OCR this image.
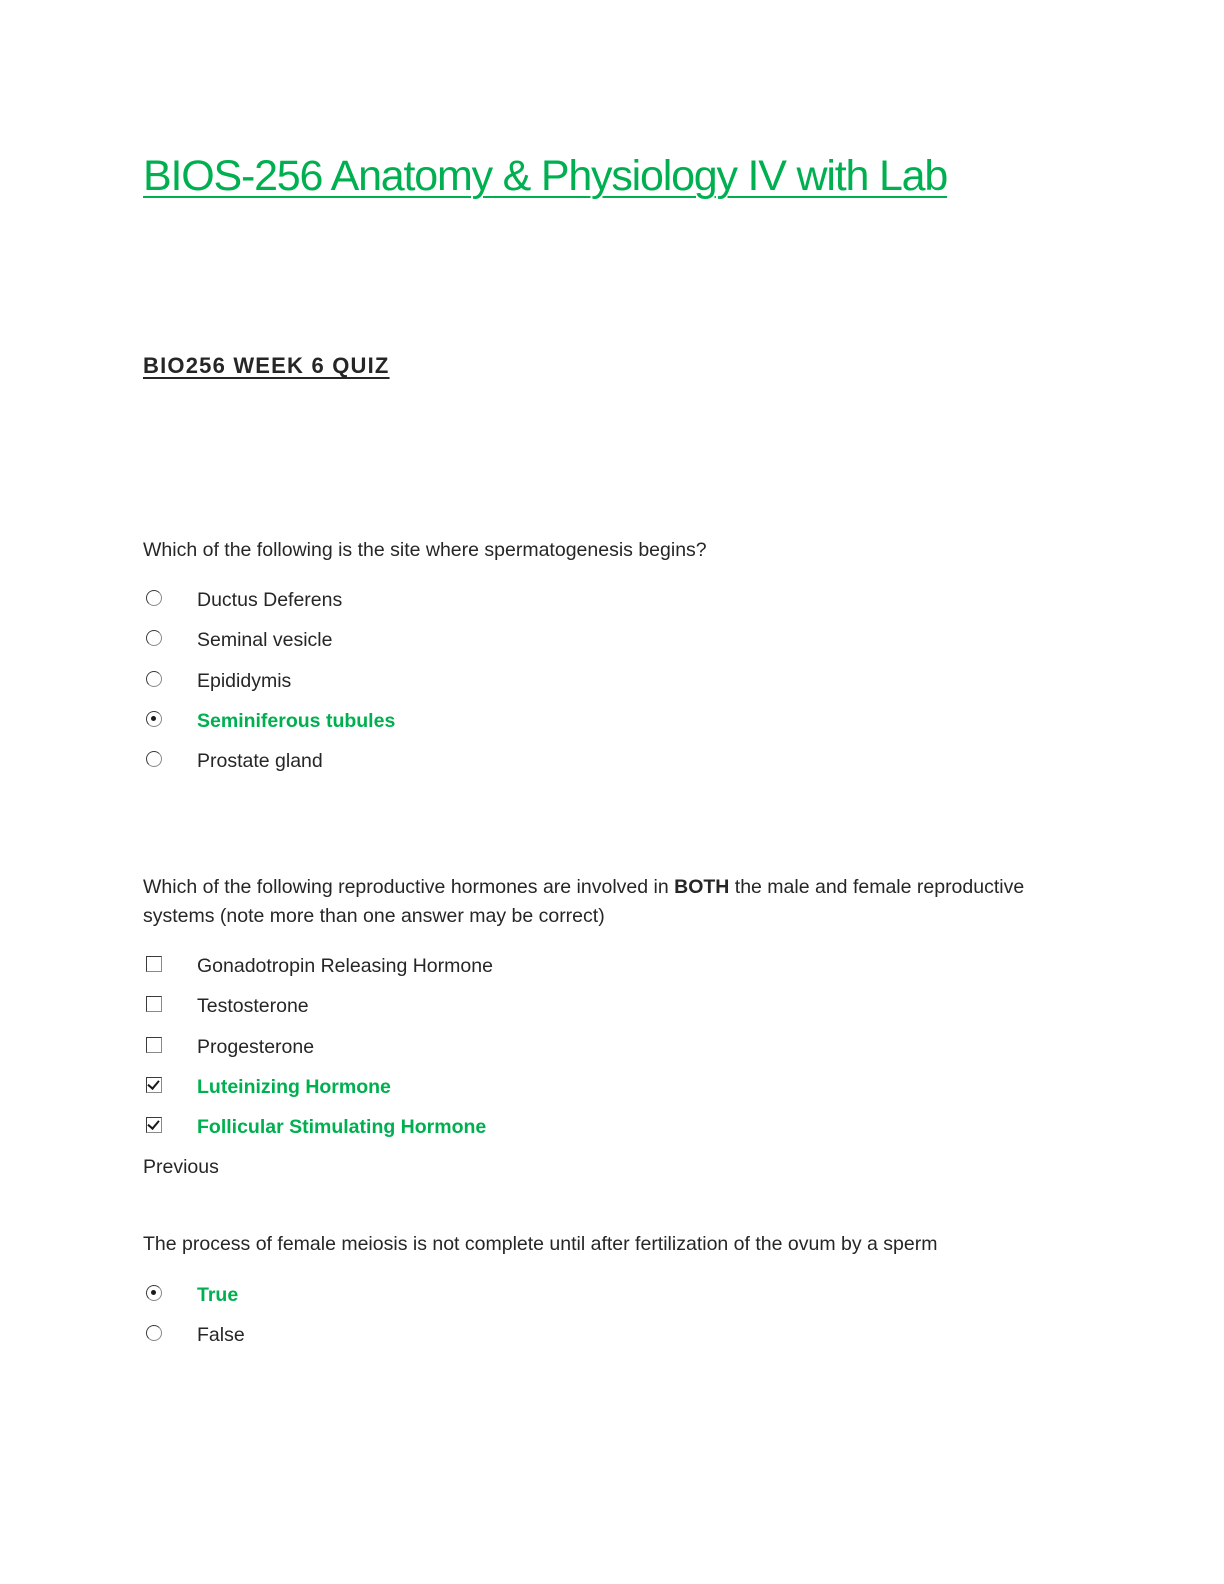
BIOS-256 Anatomy & Physiology IV with Lab
BIO256 WEEK 6 QUIZ

Which of the following is the site where spermatogenesis begins?

Ductus Deferens
Seminal vesicle
Epididymis
Seminiferous tubules
Prostate gland

Which of the following reproductive hormones are involved in BOTH the male and female reproductive systems (note more than one answer may be correct)

Gonadotropin Releasing Hormone
Testosterone
Progesterone
Luteinizing Hormone
Follicular Stimulating Hormone

Previous

The process of female meiosis is not complete until after fertilization of the ovum by a sperm

True
False
